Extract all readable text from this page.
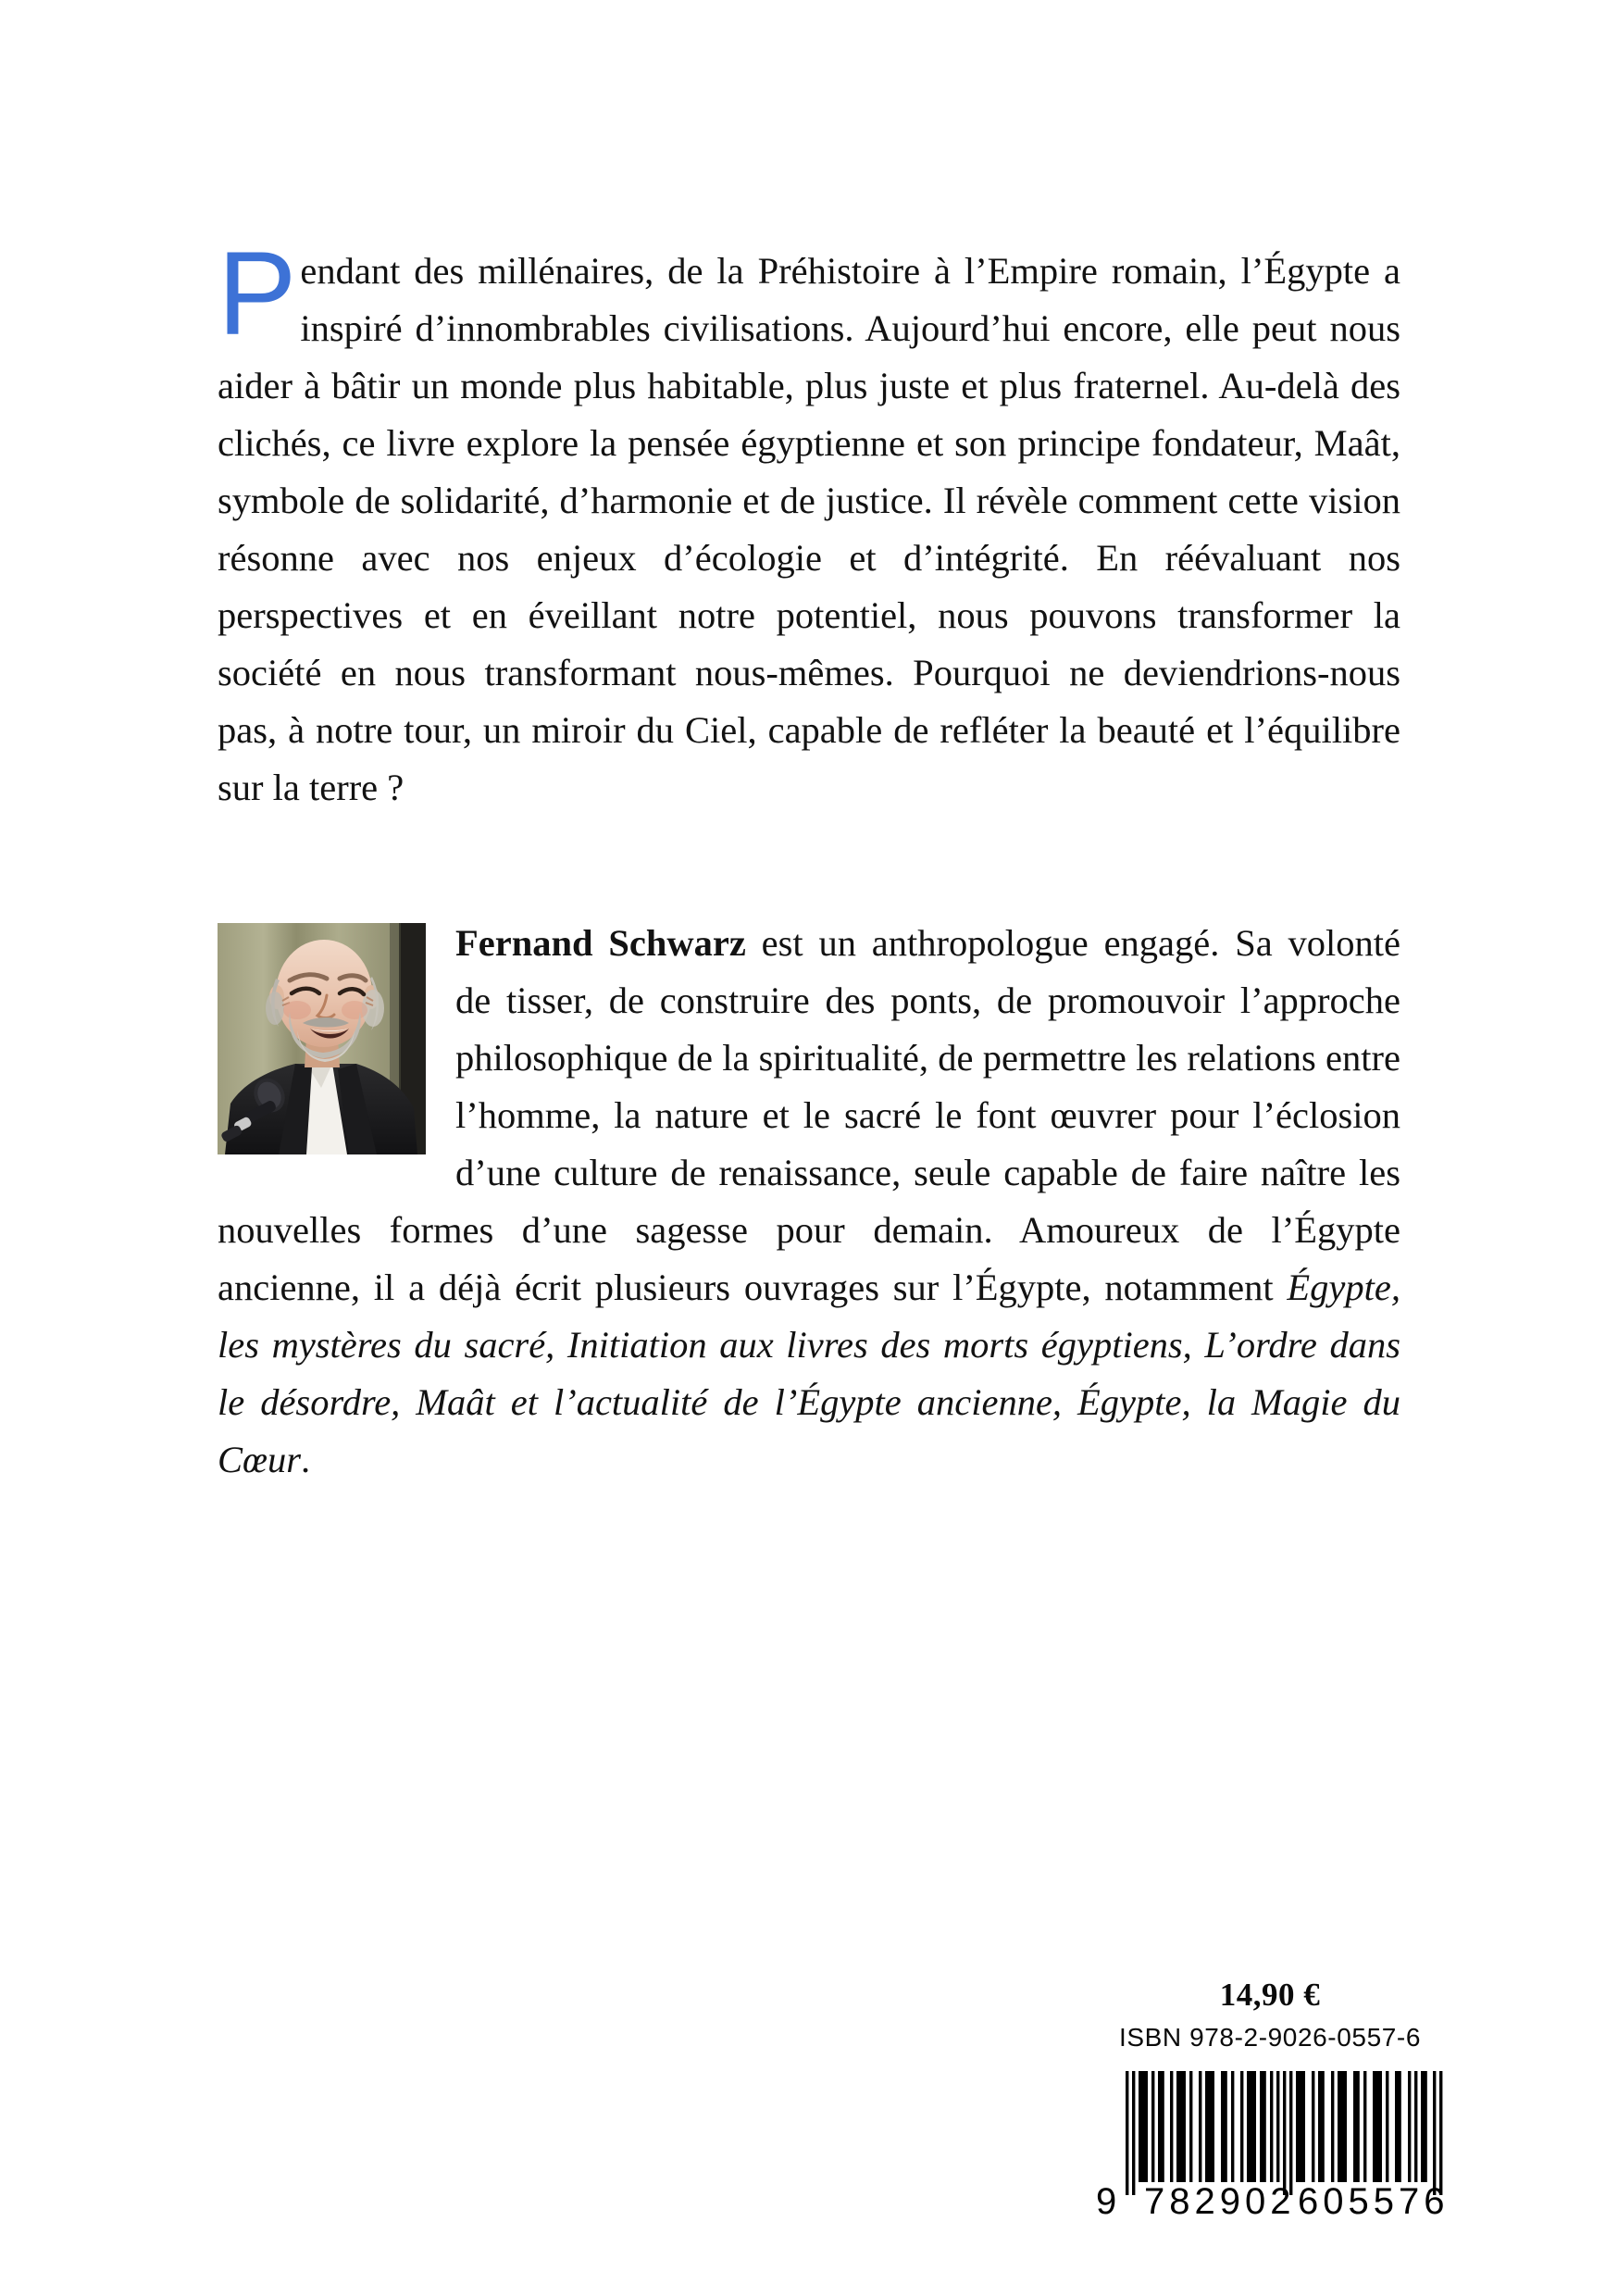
Pendant des millénaires, de la Préhistoire à l’Empire romain, l’Égypte a inspiré d’innombrables civilisations. Aujourd’hui encore, elle peut nous aider à bâtir un monde plus habitable, plus juste et plus fraternel. Au-delà des clichés, ce livre explore la pensée égyptienne et son principe fondateur, Maât, symbole de solidarité, d’harmonie et de justice. Il révèle comment cette vision résonne avec nos enjeux d’écologie et d’intégrité. En réévaluant nos perspectives et en éveillant notre potentiel, nous pouvons transformer la société en nous transformant nous-mêmes. Pourquoi ne deviendrions-nous pas, à notre tour, un miroir du Ciel, capable de refléter la beauté et l’équilibre sur la terre ?
Fernand Schwarz est un anthropologue engagé. Sa volonté de tisser, de construire des ponts, de promouvoir l’approche philosophique de la spiritualité, de permettre les relations entre l’homme, la nature et le sacré le font œuvrer pour l’éclosion d’une culture de renaissance, seule capable de faire naître les nouvelles formes d’une sagesse pour demain. Amoureux de l’Égypte ancienne, il a déjà écrit plusieurs ouvrages sur l’Égypte, notamment Égypte, les mystères du sacré, Initiation aux livres des morts égyptiens, L’ordre dans le désordre, Maât et l’actualité de l’Égypte ancienne, Égypte, la Magie du Cœur.
14,90 €
ISBN 978-2-9026-0557-6
9 782902 605576
